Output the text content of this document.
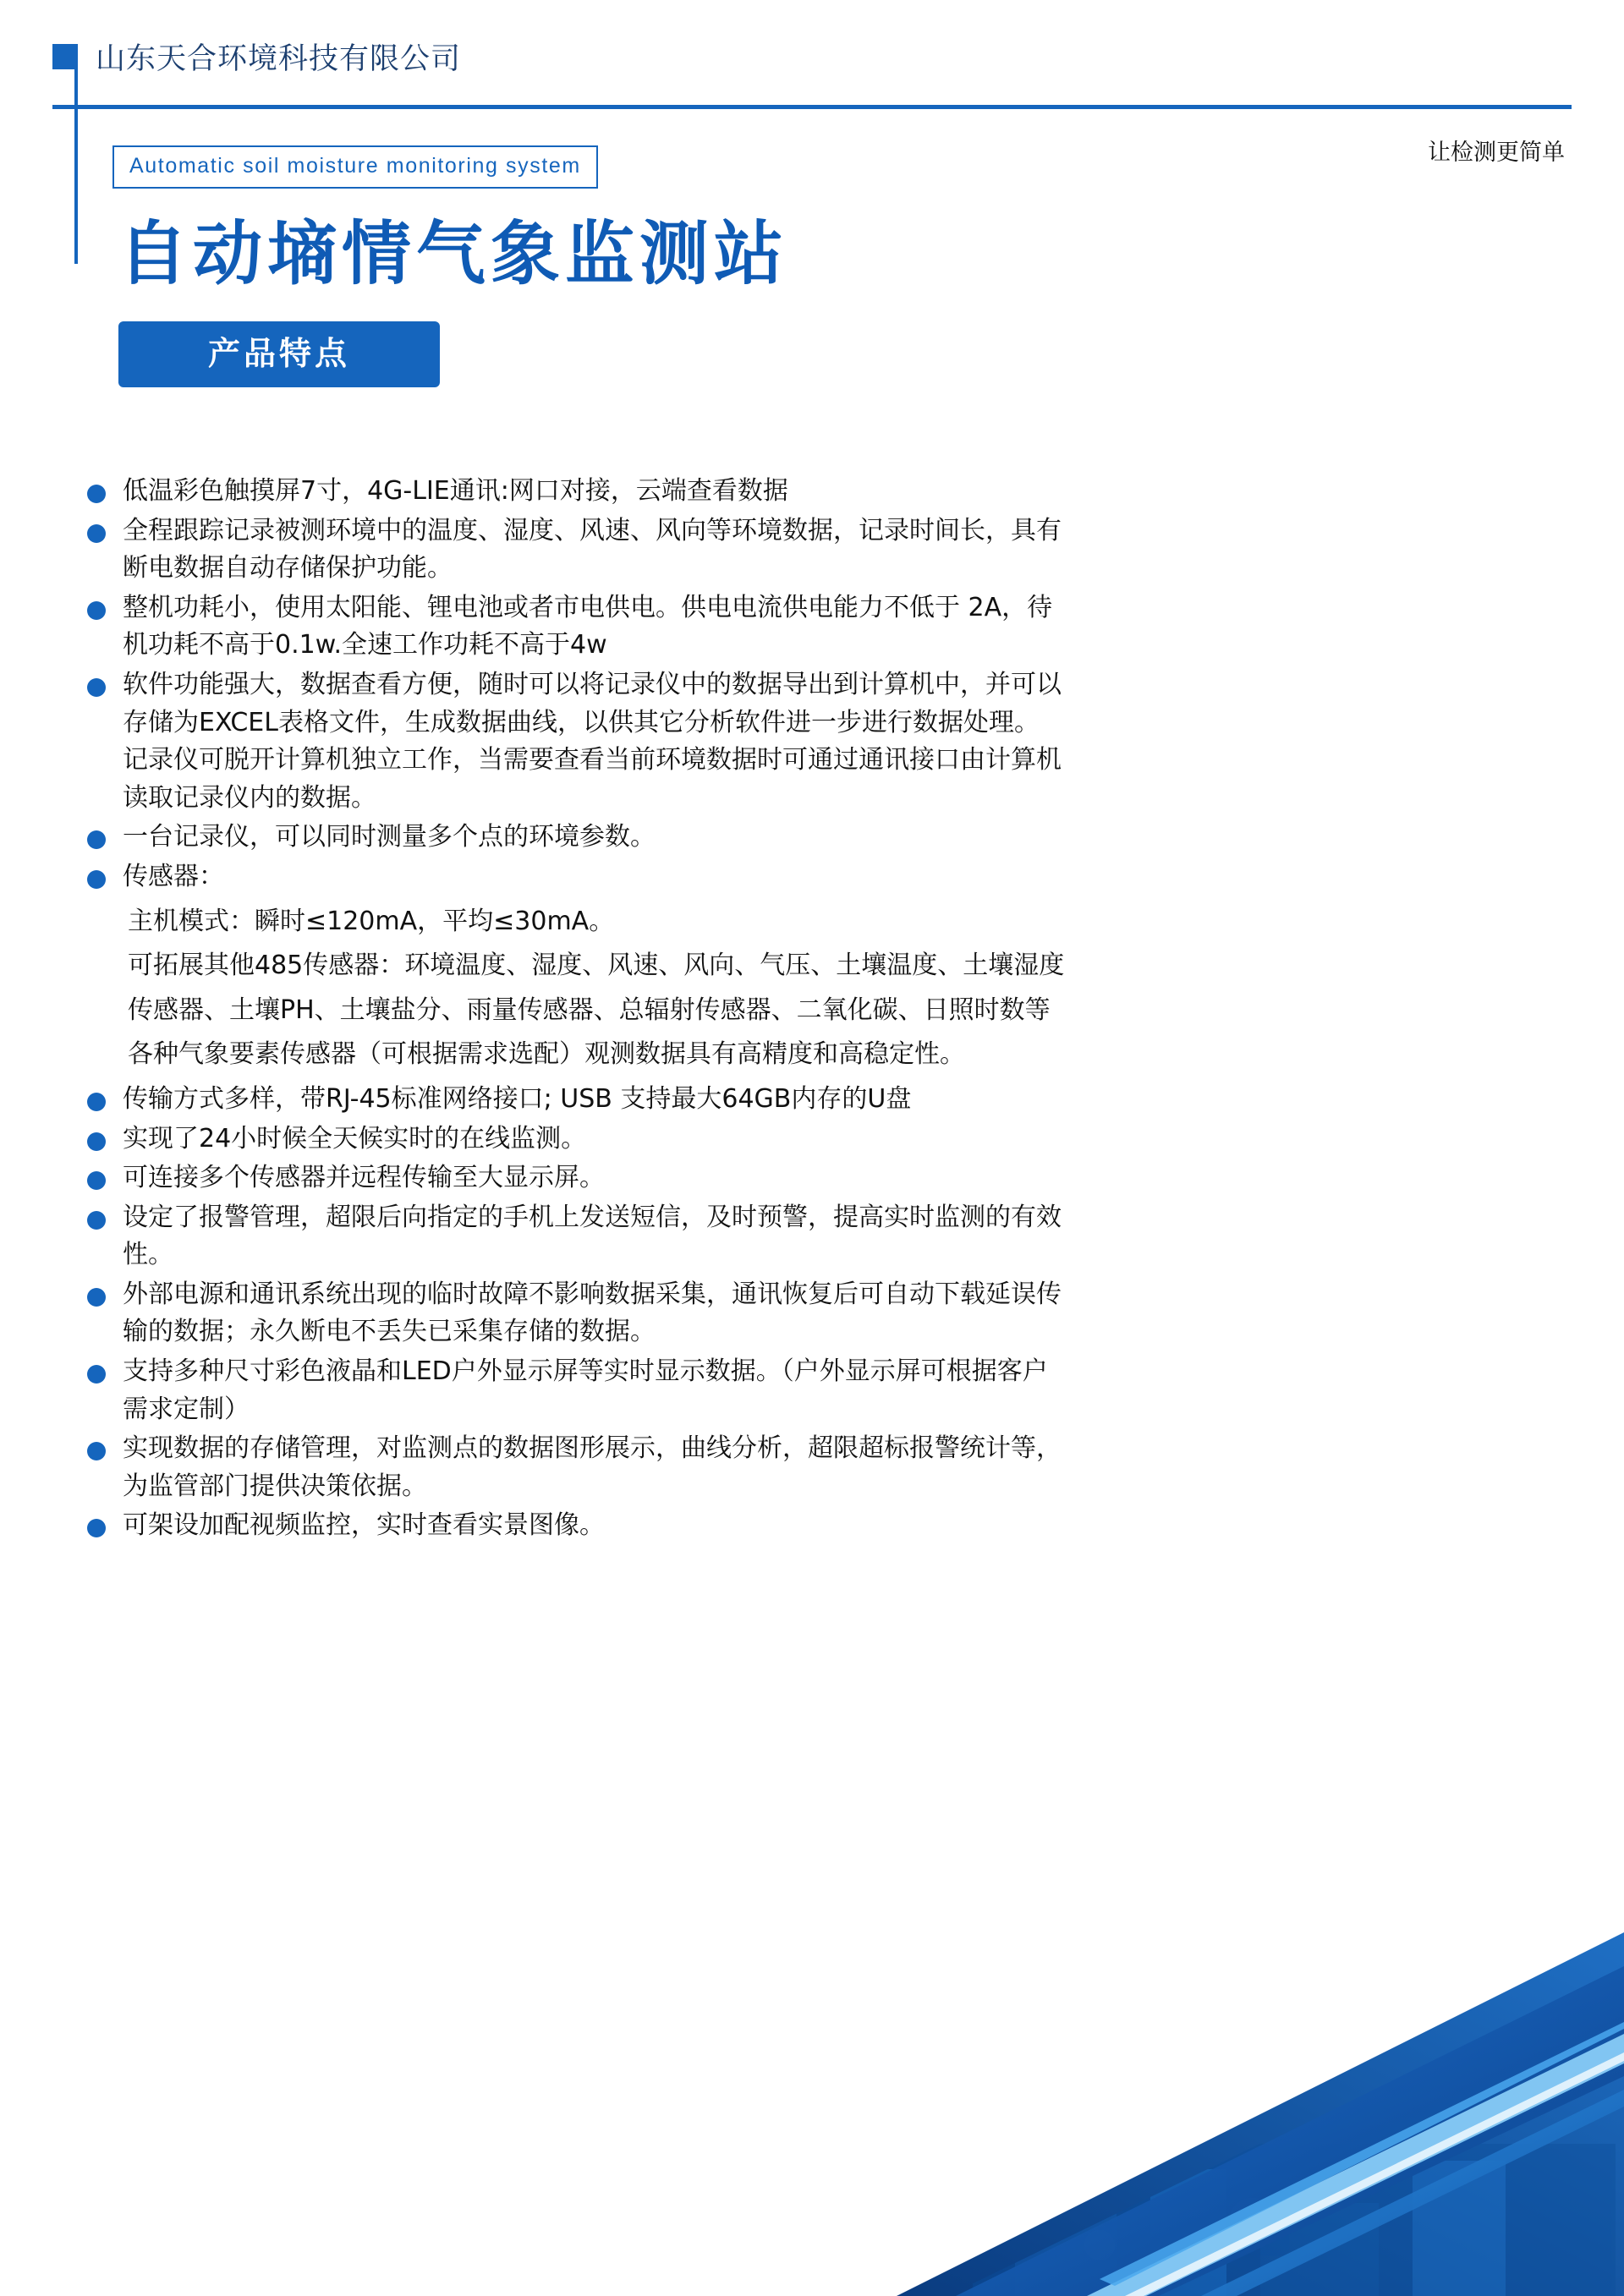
山东天合环境科技有限公司
让检测更简单
Automatic soil moisture monitoring system
自动墒情气象监测站
产品特点

低温彩色触摸屏7寸，4G-LIE通讯:网口对接，云端查看数据

全程跟踪记录被测环境中的温度、湿度、风速、风向等环境数据，记录时间长，具有

断电数据自动存储保护功能。

整机功耗小，使用太阳能、锂电池或者市电供电。供电电流供电能力不低于 2A，待

机功耗不高于0.1w.全速工作功耗不高于4w

软件功能强大，数据查看方便，随时可以将记录仪中的数据导出到计算机中，并可以

存储为EXCEL表格文件，生成数据曲线，以供其它分析软件进一步进行数据处理。

记录仪可脱开计算机独立工作，当需要查看当前环境数据时可通过通讯接口由计算机

读取记录仪内的数据。

一台记录仪，可以同时测量多个点的环境参数。

传感器：

主机模式：瞬时≤120mA，平均≤30mA。

可拓展其他485传感器：环境温度、湿度、风速、风向、气压、土壤温度、土壤湿度

传感器、土壤PH、土壤盐分、雨量传感器、总辐射传感器、二氧化碳、日照时数等

各种气象要素传感器（可根据需求选配）观测数据具有高精度和高稳定性。

传输方式多样，带RJ-45标准网络接口; USB 支持最大64GB内存的U盘

实现了24小时候全天候实时的在线监测。

可连接多个传感器并远程传输至大显示屏。

设定了报警管理，超限后向指定的手机上发送短信，及时预警，提高实时监测的有效

性。

外部电源和通讯系统出现的临时故障不影响数据采集，通讯恢复后可自动下载延误传

输的数据；永久断电不丢失已采集存储的数据。

支持多种尺寸彩色液晶和LED户外显示屏等实时显示数据。（户外显示屏可根据客户

需求定制）

实现数据的存储管理，对监测点的数据图形展示，曲线分析，超限超标报警统计等，

为监管部门提供决策依据。

可架设加配视频监控，实时查看实景图像。
